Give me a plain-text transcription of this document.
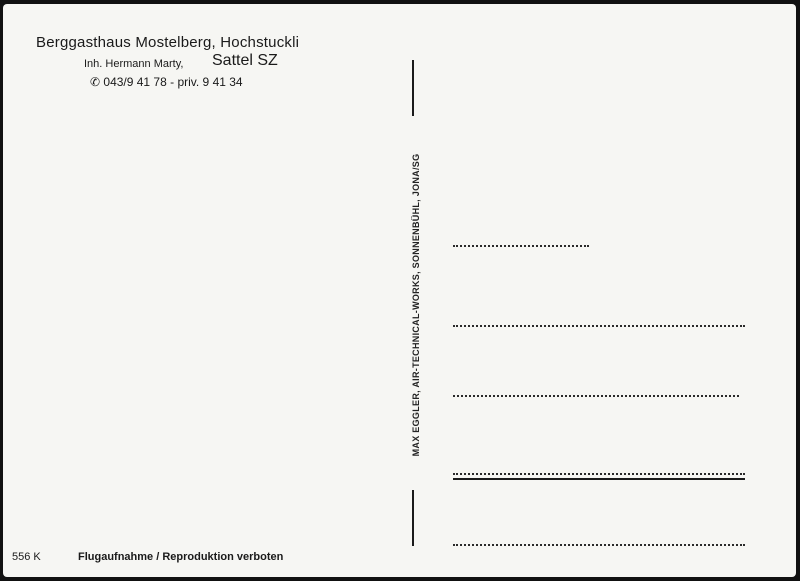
Berggasthaus Mostelberg, Hochstuckli
Inh. Hermann Marty, Sattel SZ
✆ 043/9 41 78 - priv. 9 41 34
MAX EGGLER, AIR-TECHNICAL-WORKS, SONNENBÜHL, JONA/SG
556 K	Flugaufnahme / Reproduktion verboten
